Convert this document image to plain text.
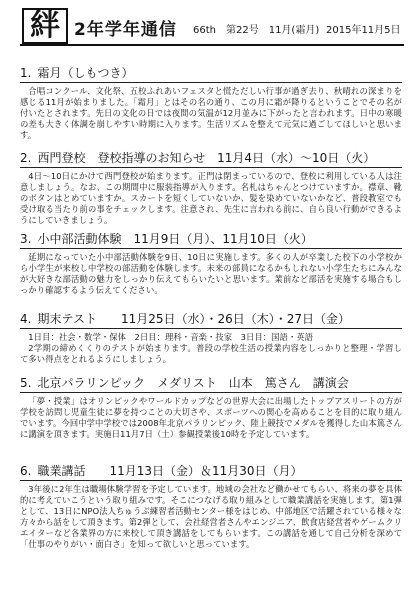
絆 2年学年通信 66th　第22号　11月(霜月) 2015年11月5日
1. 霜月（しもつき）

合唱コンクール、文化祭、五校ふれあいフェスタと慌ただしい行事が過ぎ去り、秋晴れの深まりを感じる11月が始まりました。「霜月」とはその名の通り、この月に霜が降りるということでその名が付いたとされます。先日の文化の日では夜間の気温が12月並みに下がったと言われます。日中の寒暖の差も大きく体調を崩しやすい時期に入ります。生活リズムを整えて元気に過ごしてほしいと思います。

2. 西門登校　登校指導のお知らせ　11月4日（水）～10日（火）

4日～10日にかけて西門登校が始まります。正門は閉まっているので、登校に利用している人は注意しましょう。なお、この期間中に服装指導が入ります。名札はちゃんとつけていますか。襟章、靴のボタンはとめていますか。スカートを短くしていないか、髪を染めていないかなど、普段教室でも受け取る当たり前の事をチェックします。注意され、先生に言われる前に、自ら良い行動ができるようにしていきましょう。

3. 小中部活動体験　11月9日（月）、11月10日（火）

延期になっていた小中部活動体験を9日、10日に実施します。多くの人が卒業した校下の小学校から小学生が来校し中学校の部活動を体験します。未来の部員になるかもしれない小学生たちにみんなが大好きな部活動の魅力をしっかり伝えてもらいたいと思います。業前など部活を実施する場合もしっかり確認するよう伝えてください。

4. 期末テスト　　11月25日（水）・26日（木）・27日（金）

1日目：社会・数学・保体　2日目：理科・音楽・技家　3日目：国語・英語

2学期の締めくくりのテストが始まります。普段の学校生活の授業内容をしっかりと整理・学習して多い得点をとれるようにしましょう。

5. 北京パラリンピック　メダリスト　山本　篤さん　講演会

「夢・授業」はオリンピックやワールドカップなどの世界大会に出場したトップアスリートの方が学校を訪問し児童生徒に夢を持つことの大切さや、スポーツへの関心を高めることを目的に取り組んでいます。今回中学中学校では2008年北京パラリンピック、陸上競技でメダルを獲得した山本篤さんに講演を頂きます。実施日11月7日（土）参観授業後10時を予定しています。

6. 職業講話　　11月13日（金）＆11月30日（月）

3年後に2年生は職場体験学習を予定しています。地域の会社など働かせてもらい、将来の夢を具体的に考えていこうという取り組みです。そこにつなげる取り組みとして職業講話を実施します。第1弾として、13日にNPO法人ちゅうぶ練習者活動センター様をはじめ、中部地区で活躍されている様々な方々から話をして頂きます。第2弾として、会社経営者さんやエンジニア、飲食店経営者やゲームクリエイターなど各業界の方に来校して頂き講話をしてもらいます。この講話を通して自己分析を深めて「仕事のやりがい・面白さ」を知って欲しいと思っています。
